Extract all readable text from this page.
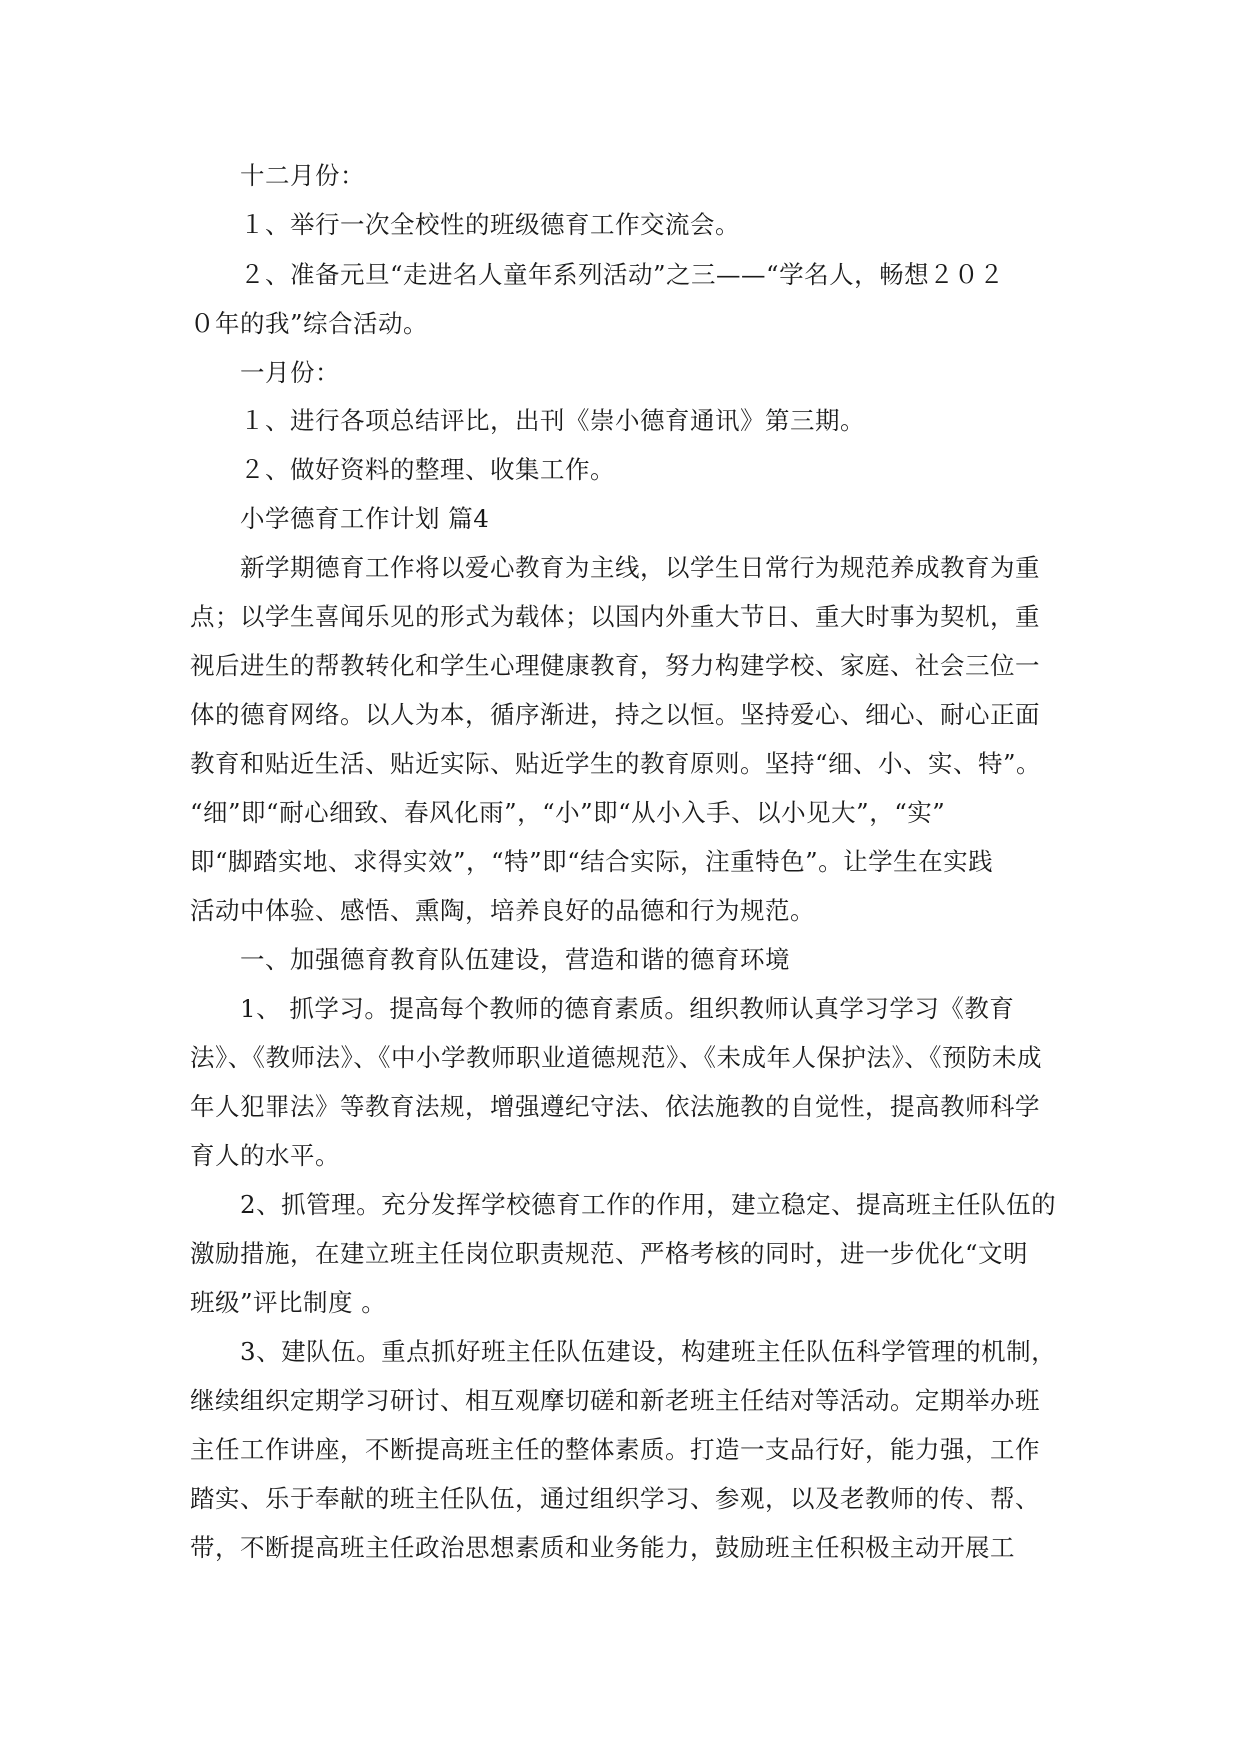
十二月份：

１、举行一次全校性的班级德育工作交流会。

２、准备元旦“走进名人童年系列活动”之三——“学名人，畅想２０２

０年的我”综合活动。

一月份：

１、进行各项总结评比，出刊《崇小德育通讯》第三期。

２、做好资料的整理、收集工作。

小学德育工作计划 篇4

新学期德育工作将以爱心教育为主线，以学生日常行为规范养成教育为重

点；以学生喜闻乐见的形式为载体；以国内外重大节日、重大时事为契机，重

视后进生的帮教转化和学生心理健康教育，努力构建学校、家庭、社会三位一

体的德育网络。以人为本，循序渐进，持之以恒。坚持爱心、细心、耐心正面

教育和贴近生活、贴近实际、贴近学生的教育原则。坚持“细、小、实、特”。

“细”即“耐心细致、春风化雨”，“小”即“从小入手、以小见大”，“实”

即“脚踏实地、求得实效”，“特”即“结合实际，注重特色”。让学生在实践

活动中体验、感悟、熏陶，培养良好的品德和行为规范。

一、加强德育教育队伍建设，营造和谐的德育环境

1、 抓学习。提高每个教师的德育素质。组织教师认真学习学习《教育

法》、《教师法》、《中小学教师职业道德规范》、《未成年人保护法》、《预防未成

年人犯罪法》等教育法规，增强遵纪守法、依法施教的自觉性，提高教师科学

育人的水平。

2、抓管理。充分发挥学校德育工作的作用，建立稳定、提高班主任队伍的

激励措施，在建立班主任岗位职责规范、严格考核的同时，进一步优化“文明

班级”评比制度 。

3、建队伍。重点抓好班主任队伍建设，构建班主任队伍科学管理的机制，

继续组织定期学习研讨、相互观摩切磋和新老班主任结对等活动。定期举办班

主任工作讲座，不断提高班主任的整体素质。打造一支品行好，能力强，工作

踏实、乐于奉献的班主任队伍，通过组织学习、参观，以及老教师的传、帮、

带，不断提高班主任政治思想素质和业务能力，鼓励班主任积极主动开展工
